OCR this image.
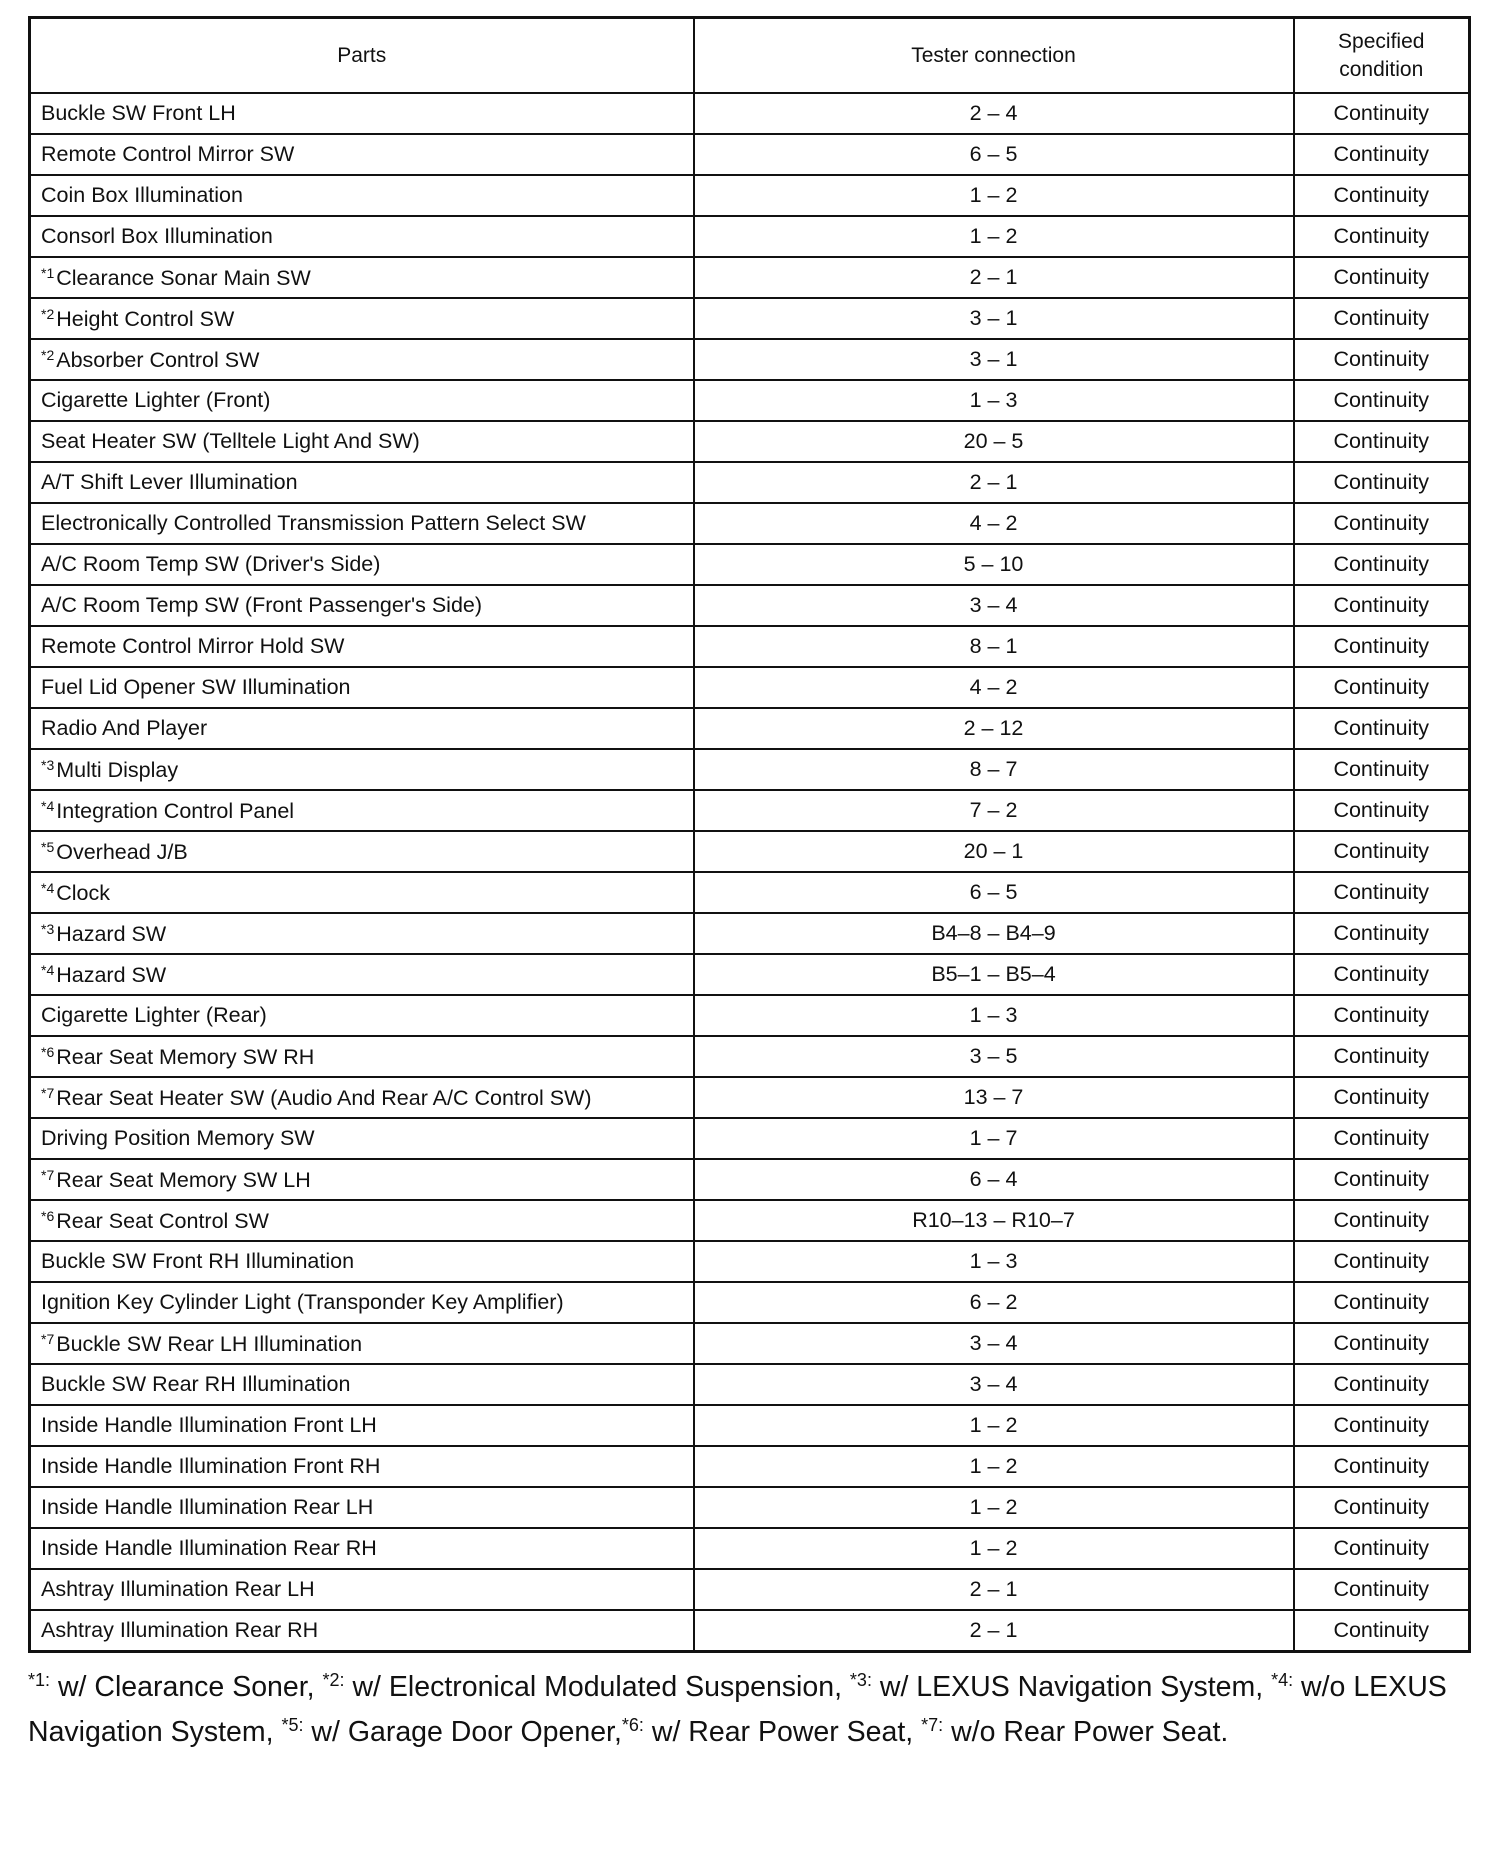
Parts	Tester connection	Specified condition
Buckle SW Front LH	2 – 4	Continuity
Remote Control Mirror SW	6 – 5	Continuity
Coin Box Illumination	1 – 2	Continuity
Consorl Box Illumination	1 – 2	Continuity
$^{*1}$Clearance Sonar Main SW	2 – 1	Continuity
$^{*2}$Height Control SW	3 – 1	Continuity
$^{*2}$Absorber Control SW	3 – 1	Continuity
Cigarette Lighter (Front)	1 – 3	Continuity
Seat Heater SW (Telltele Light And SW)	20 – 5	Continuity
A/T Shift Lever Illumination	2 – 1	Continuity
Electronically Controlled Transmission Pattern Select SW	4 – 2	Continuity
A/C Room Temp SW (Driver's Side)	5 – 10	Continuity
A/C Room Temp SW (Front Passenger's Side)	3 – 4	Continuity
Remote Control Mirror Hold SW	8 – 1	Continuity
Fuel Lid Opener SW Illumination	4 – 2	Continuity
Radio And Player	2 – 12	Continuity
$^{*3}$Multi Display	8 – 7	Continuity
$^{*4}$Integration Control Panel	7 – 2	Continuity
$^{*5}$Overhead J/B	20 – 1	Continuity
$^{*4}$Clock	6 – 5	Continuity
$^{*3}$Hazard SW	B4–8 – B4–9	Continuity
$^{*4}$Hazard SW	B5–1 – B5–4	Continuity
Cigarette Lighter (Rear)	1 – 3	Continuity
$^{*6}$Rear Seat Memory SW RH	3 – 5	Continuity
$^{*7}$Rear Seat Heater SW (Audio And Rear A/C Control SW)	13 – 7	Continuity
Driving Position Memory SW	1 – 7	Continuity
$^{*7}$Rear Seat Memory SW LH	6 – 4	Continuity
$^{*6}$Rear Seat Control SW	R10–13 – R10–7	Continuity
Buckle SW Front RH Illumination	1 – 3	Continuity
Ignition Key Cylinder Light (Transponder Key Amplifier)	6 – 2	Continuity
$^{*7}$Buckle SW Rear LH Illumination	3 – 4	Continuity
Buckle SW Rear RH Illumination	3 – 4	Continuity
Inside Handle Illumination Front LH	1 – 2	Continuity
Inside Handle Illumination Front RH	1 – 2	Continuity
Inside Handle Illumination Rear LH	1 – 2	Continuity
Inside Handle Illumination Rear RH	1 – 2	Continuity
Ashtray Illumination Rear LH	2 – 1	Continuity
Ashtray Illumination Rear RH	2 – 1	Continuity
$^{*1:}$ w/ Clearance Soner, $^{*2:}$ w/ Electronical Modulated Suspension, $^{*3:}$ w/ LEXUS Navigation System, $^{*4:}$ w/o LEXUS Navigation System, $^{*5:}$ w/ Garage Door Opener,$^{*6:}$ w/ Rear Power Seat, $^{*7:}$ w/o Rear Power Seat.
